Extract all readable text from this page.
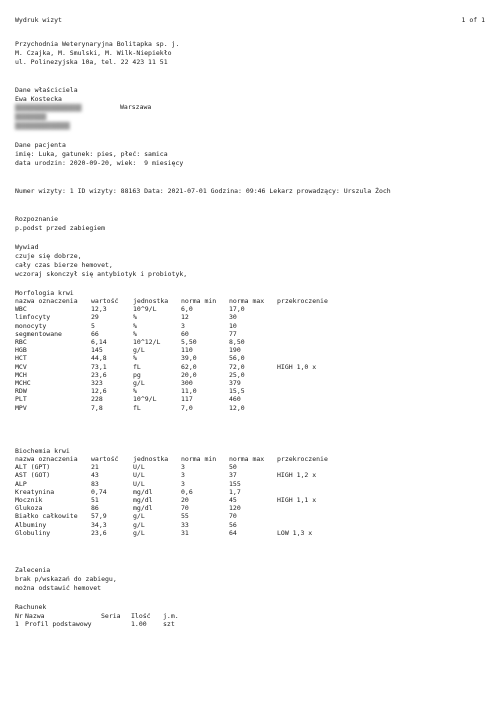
Wydruk wizyt	1 of 1
Przychodnia Weterynaryjna Bolitapka sp. j.
M. Czajka, M. Smulski, M. Wilk-Niepiekło
ul. Polinezyjska 10a, tel. 22 423 11 51
Dane właściciela
Ewa Kostecka
█████████████████	Warszawa
████████
██████████████
Dane pacjenta
imię: Luka, gatunek: pies, płeć: samica
data urodzin: 2020-09-20, wiek:  9 miesięcy
Numer wizyty: 1 ID wizyty: 88163 Data: 2021-07-01 Godzina: 09:46 Lekarz prowadzący: Urszula Żoch
Rozpoznanie
p.podst przed zabiegiem
Wywiad
czuje się dobrze,
cały czas bierze hemovet,
wczoraj skonczył się antybiotyk i probiotyk,
Morfologia krwi
nazwa oznaczenia	wartość	jednostka	norma min	norma max	przekroczenie
WBC	12,3	10^9/L	6,0	17,0	
limfocyty	29	%	12	30	
monocyty	5	%	3	10	
segmentowane	66	%	60	77	
RBC	6,14	10^12/L	5,50	8,50	
HGB	145	g/L	110	190	
HCT	44,8	%	39,0	56,0	
MCV	73,1	fL	62,0	72,0	HIGH 1,0 x
MCH	23,6	pg	20,0	25,0	
MCHC	323	g/L	300	379	
RDW	12,6	%	11,0	15,5	
PLT	228	10^9/L	117	460	
MPV	7,8	fL	7,0	12,0	
Biochemia krwi
nazwa oznaczenia	wartość	jednostka	norma min	norma max	przekroczenie
ALT (GPT)	21	U/L	3	50	
AST (GOT)	43	U/L	3	37	HIGH 1,2 x
ALP	83	U/L	3	155	
Kreatynina	0,74	mg/dl	0,6	1,7	
Mocznik	51	mg/dl	20	45	HIGH 1,1 x
Glukoza	86	mg/dl	70	120	
Białko całkowite	57,9	g/L	55	70	
Albuminy	34,3	g/L	33	56	
Globuliny	23,6	g/L	31	64	LOW 1,3 x
Zalecenia
brak p/wskazań do zabiegu,
można odstawić hemovet
Rachunek
Nr	Nazwa	Seria	Ilość	j.m.
1	Profil podstawowy		1.00	szt
